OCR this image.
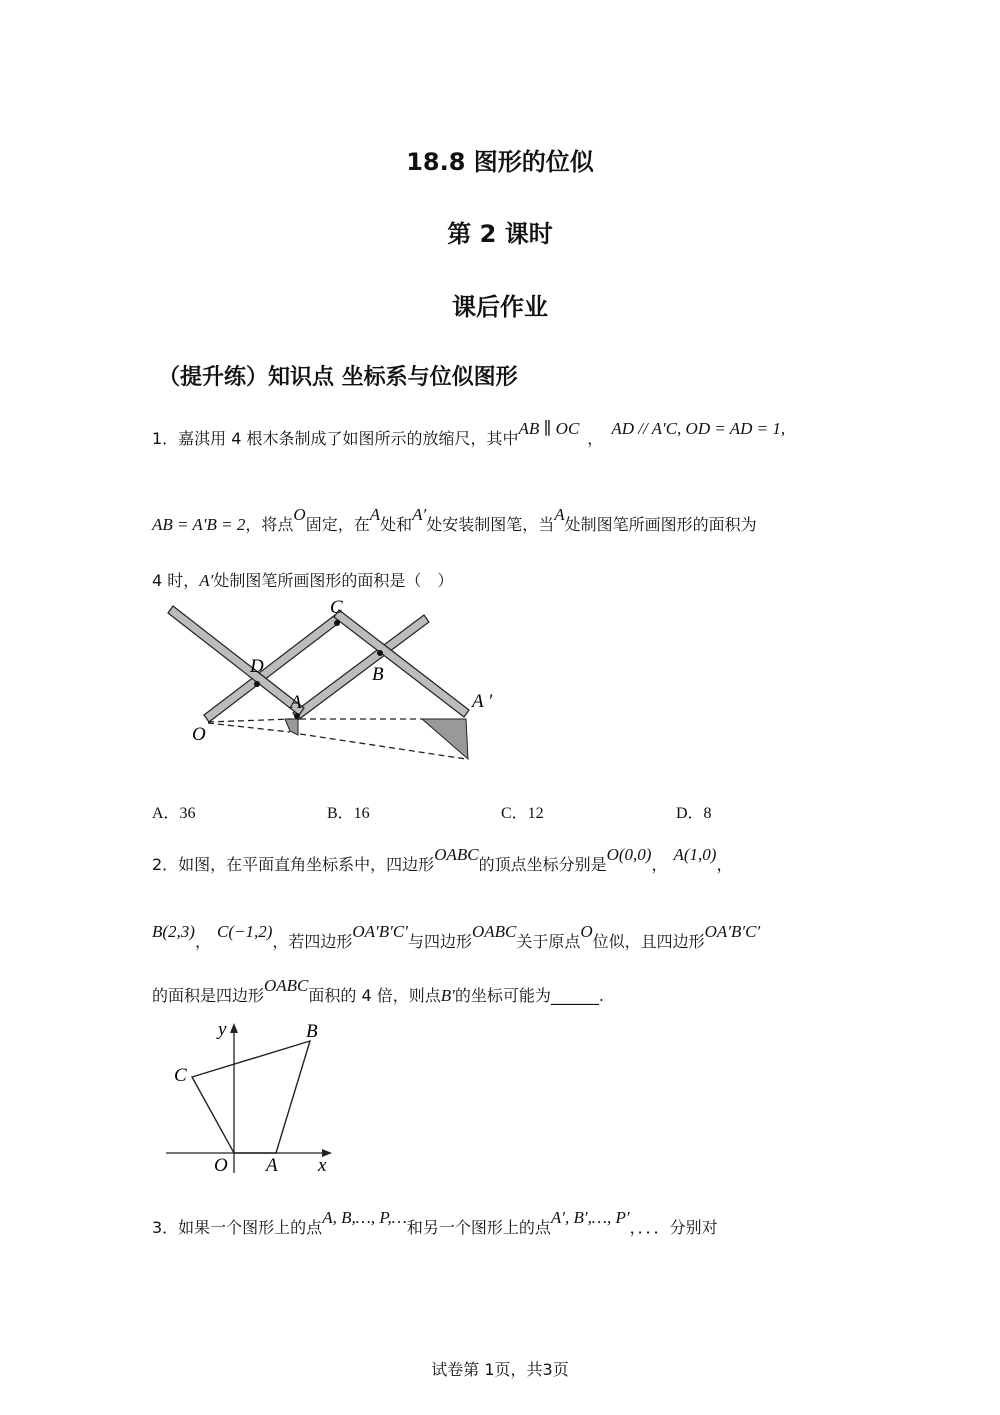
18.8 图形的位似
第 2 课时
课后作业
（提升练）知识点 坐标系与位似图形
1．嘉淇用 4 根木条制成了如图所示的放缩尺，其中AB ∥ OC，AD // A′C, OD = AD = 1,
AB = A′B = 2，将点O固定，在A处和A′处安装制图笔，当A处制图笔所画图形的面积为
4 时，A′处制图笔所画图形的面积是（　）
C
D	B
A	A ′
O
A．36	B．16	C．12	D．8
2．如图，在平面直角坐标系中，四边形OABC的顶点坐标分别是O(0,0)，A(1,0)，
B(2,3)，C(−1,2)，若四边形OA′B′C′与四边形OABC关于原点O位似，且四边形OA′B′C′
的面积是四边形OABC面积的 4 倍，则点B′的坐标可能为______.
y	B
C
O A x
3．如果一个图形上的点A, B,…, P,…和另一个图形上的点A′, B′,…, P′，．．．分别对
试卷第 1页，共3页
